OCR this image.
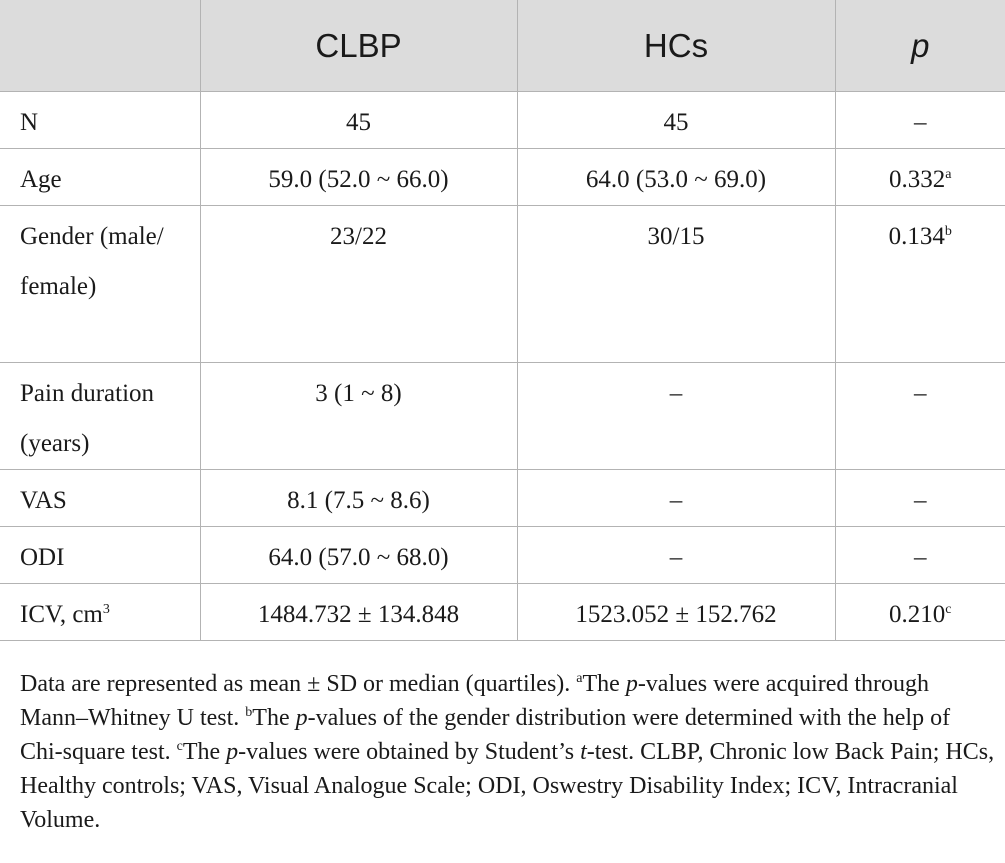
	CLBP	HCs	p
N	45	45	–
Age	59.0 (52.0 ~ 66.0)	64.0 (53.0 ~ 69.0)	0.332$^a$
Gender (male/ female)	23/22	30/15	0.134$^b$
Pain duration (years)	3 (1 ~ 8)	–	–
VAS	8.1 (7.5 ~ 8.6)	–	–
ODI	64.0 (57.0 ~ 68.0)	–	–
ICV, $cm^3$	1484.732 ± 134.848	1523.052 ± 152.762	0.210$^c$

Data are represented as mean ± SD or median (quartiles). $^a$The p-values were acquired through Mann–Whitney U test. $^b$The p-values of the gender distribution were determined with the help of Chi-square test. $^c$The p-values were obtained by Student’s t-test. CLBP, Chronic low Back Pain; HCs, Healthy controls; VAS, Visual Analogue Scale; ODI, Oswestry Disability Index; ICV, Intracranial Volume.
